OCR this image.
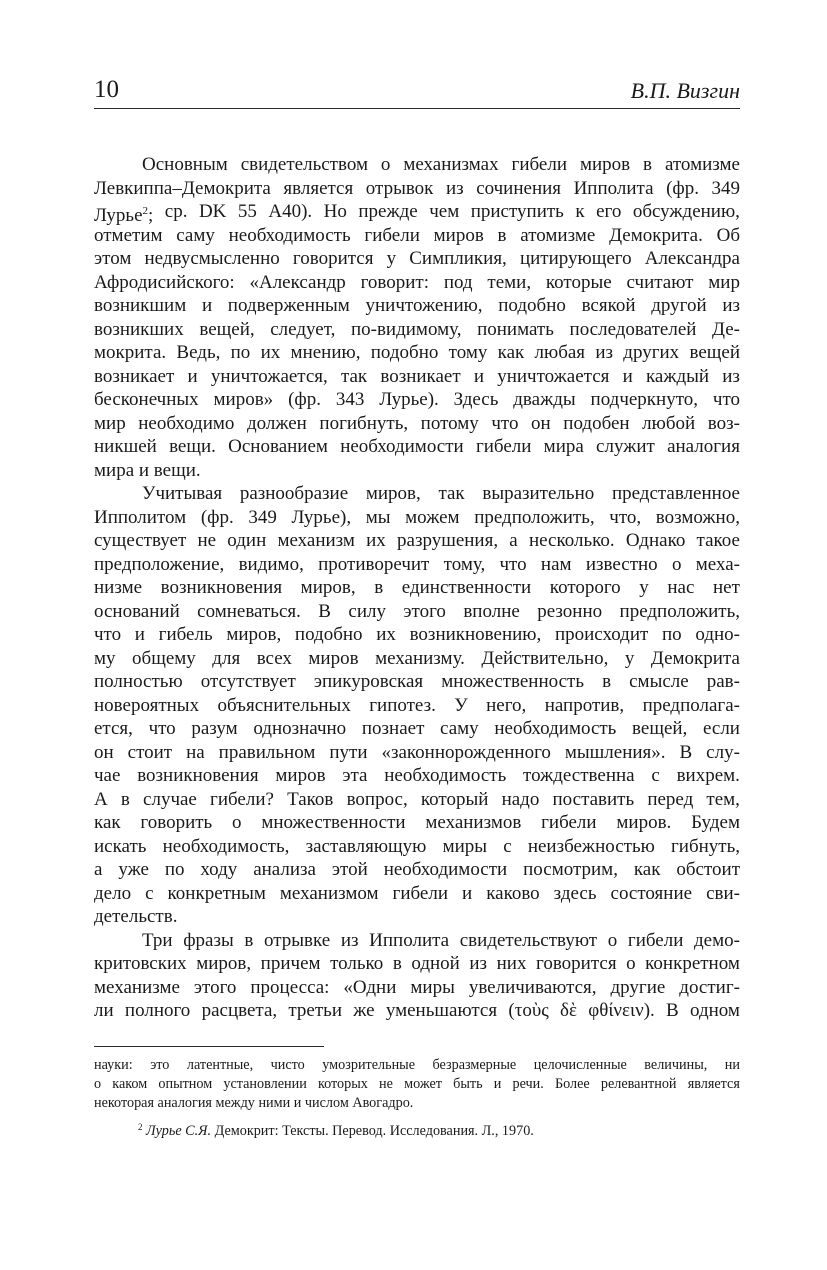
10	В.П. Визгин
Основным свидетельством о механизмах гибели миров в атомизме
Левкиппа–Демокрита является отрывок из сочинения Ипполита (фр. 349
Лурье$^2$; ср. DK 55 A40). Но прежде чем приступить к его обсуждению,
отметим саму необходимость гибели миров в атомизме Демокрита. Об
этом недвусмысленно говорится у Симпликия, цитирующего Александра
Афродисийского: «Александр говорит: под теми, которые считают мир
возникшим и подверженным уничтожению, подобно всякой другой из
возникших вещей, следует, по-видимому, понимать последователей Де-
мокрита. Ведь, по их мнению, подобно тому как любая из других вещей
возникает и уничтожается, так возникает и уничтожается и каждый из
бесконечных миров» (фр. 343 Лурье). Здесь дважды подчеркнуто, что
мир необходимо должен погибнуть, потому что он подобен любой воз-
никшей вещи. Основанием необходимости гибели мира служит аналогия
мира и вещи.
Учитывая разнообразие миров, так выразительно представленное
Ипполитом (фр. 349 Лурье), мы можем предположить, что, возможно,
существует не один механизм их разрушения, а несколько. Однако такое
предположение, видимо, противоречит тому, что нам известно о меха-
низме возникновения миров, в единственности которого у нас нет
оснований сомневаться. В силу этого вполне резонно предположить,
что и гибель миров, подобно их возникновению, происходит по одно-
му общему для всех миров механизму. Действительно, у Демокрита
полностью отсутствует эпикуровская множественность в смысле рав-
новероятных объяснительных гипотез. У него, напротив, предполага-
ется, что разум однозначно познает саму необходимость вещей, если
он стоит на правильном пути «законнорожденного мышления». В слу-
чае возникновения миров эта необходимость тождественна с вихрем.
А в случае гибели? Таков вопрос, который надо поставить перед тем,
как говорить о множественности механизмов гибели миров. Будем
искать необходимость, заставляющую миры с неизбежностью гибнуть,
а уже по ходу анализа этой необходимости посмотрим, как обстоит
дело с конкретным механизмом гибели и каково здесь состояние сви-
детельств.
Три фразы в отрывке из Ипполита свидетельствуют о гибели демо-
критовских миров, причем только в одной из них говорится о конкретном
механизме этого процесса: «Одни миры увеличиваются, другие достиг-
ли полного расцвета, третьи же уменьшаются (τοὺς δὲ φθίνειν). В одном
науки: это латентные, чисто умозрительные безразмерные целочисленные величины, ни
о каком опытном установлении которых не может быть и речи. Более релевантной является
некоторая аналогия между ними и числом Авогадро.
$^2$ Лурье С.Я. Демокрит: Тексты. Перевод. Исследования. Л., 1970.
